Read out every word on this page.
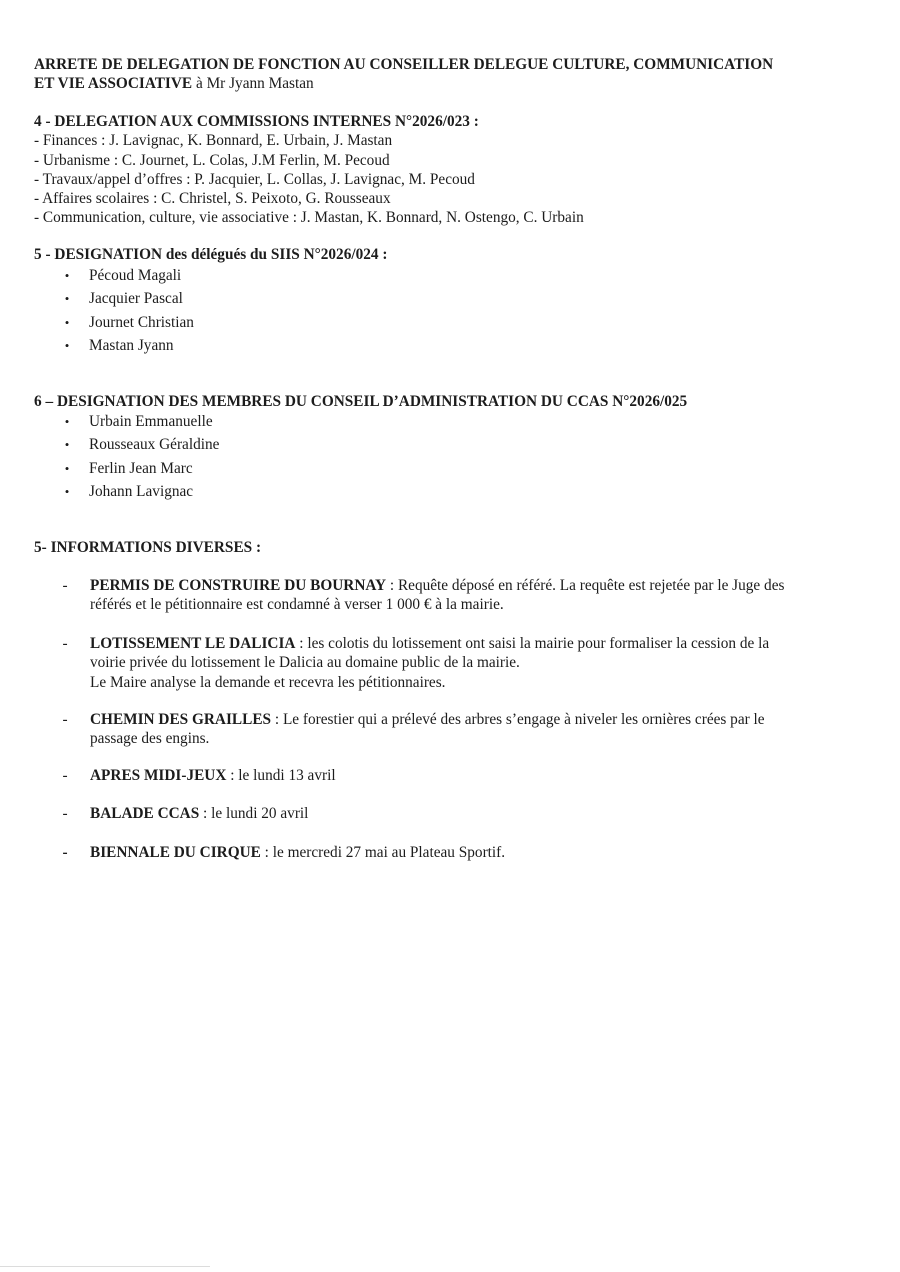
ARRETE DE DELEGATION DE FONCTION AU CONSEILLER DELEGUE CULTURE, COMMUNICATION
ET VIE ASSOCIATIVE à Mr Jyann Mastan
4 - DELEGATION AUX COMMISSIONS INTERNES N°2026/023 :
- Finances : J. Lavignac, K. Bonnard, E. Urbain, J. Mastan
- Urbanisme : C. Journet, L. Colas, J.M Ferlin, M. Pecoud
- Travaux/appel d’offres : P. Jacquier, L. Collas, J. Lavignac, M. Pecoud
- Affaires scolaires : C. Christel, S. Peixoto, G. Rousseaux
- Communication, culture, vie associative : J. Mastan, K. Bonnard, N. Ostengo, C. Urbain
5 - DESIGNATION des délégués du SIIS N°2026/024 :
• Pécoud Magali
• Jacquier Pascal
• Journet Christian
• Mastan Jyann
6 – DESIGNATION DES MEMBRES DU CONSEIL D’ADMINISTRATION DU CCAS N°2026/025
• Urbain Emmanuelle
• Rousseaux Géraldine
• Ferlin Jean Marc
• Johann Lavignac
5- INFORMATIONS DIVERSES :
- PERMIS DE CONSTRUIRE DU BOURNAY : Requête déposé en référé. La requête est rejetée par le Juge des
référés et le pétitionnaire est condamné à verser 1 000 € à la mairie.
- LOTISSEMENT LE DALICIA : les colotis du lotissement ont saisi la mairie pour formaliser la cession de la
voirie privée du lotissement le Dalicia au domaine public de la mairie.
Le Maire analyse la demande et recevra les pétitionnaires.
- CHEMIN DES GRAILLES : Le forestier qui a prélevé des arbres s’engage à niveler les ornières crées par le
passage des engins.
- APRES MIDI-JEUX : le lundi 13 avril
- BALADE CCAS : le lundi 20 avril
- BIENNALE DU CIRQUE : le mercredi 27 mai au Plateau Sportif.
